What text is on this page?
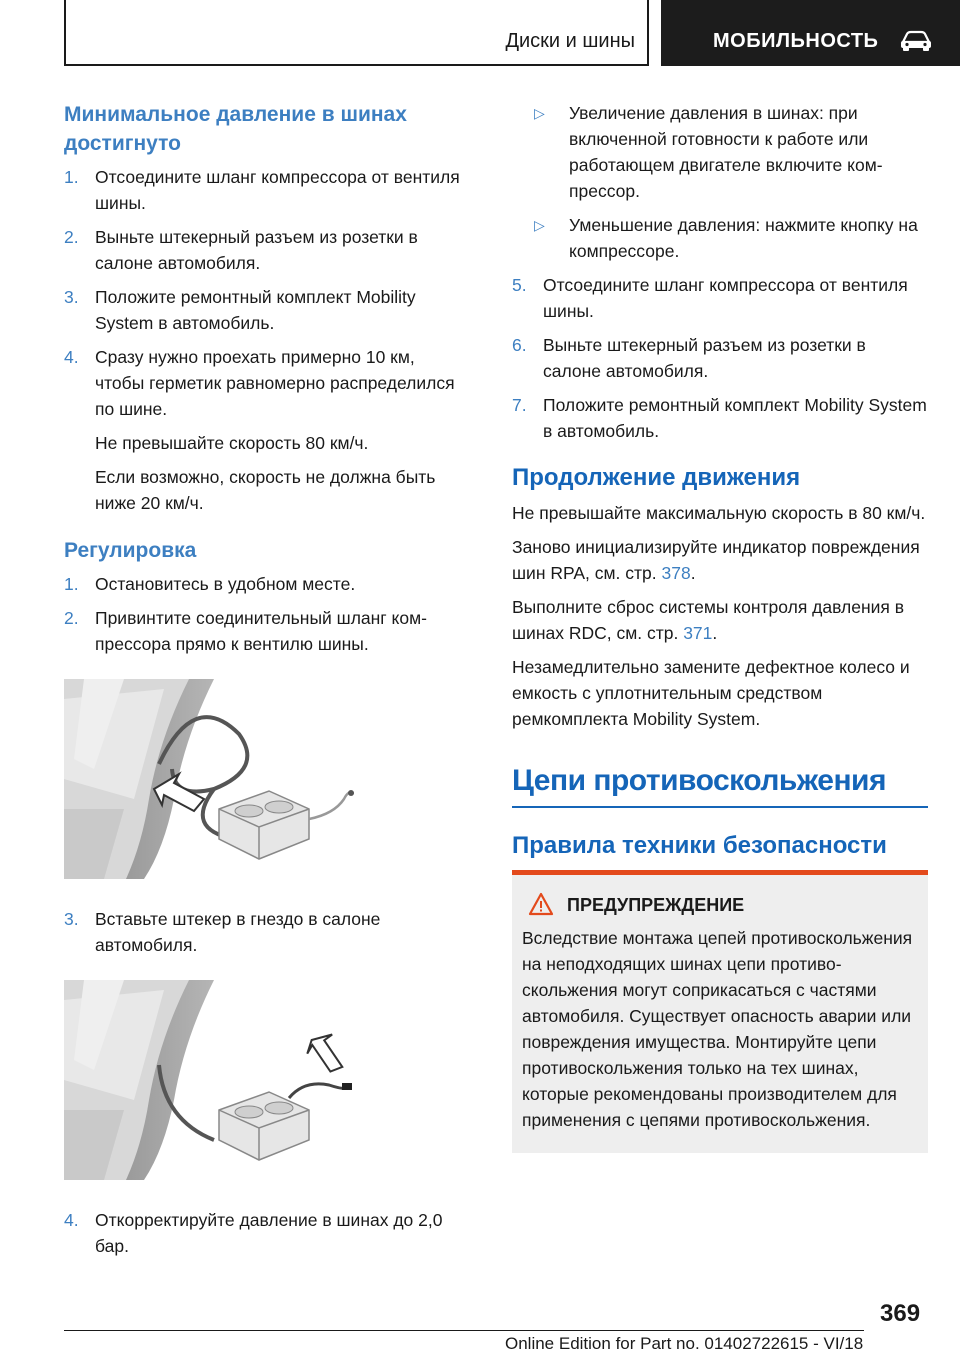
Диски и шины	МОБИЛЬНОСТЬ
Минимальное давление в шинах достигнуто
1. Отсоедините шланг компрессора от вентиля шины.
2. Выньте штекерный разъем из розетки в салоне автомобиля.
3. Положите ремонтный комплект Mobility System в автомобиль.
4. Сразу нужно проехать примерно 10 км, чтобы герметик равномерно распределился по шине.
Не превышайте скорость 80 км/ч.
Если возможно, скорость не должна быть ниже 20 км/ч.
Регулировка
1. Остановитесь в удобном месте.
2. Привинтите соединительный шланг компрессора прямо к вентилю шины.
3. Вставьте штекер в гнездо в салоне автомобиля.
4. Откорректируйте давление в шинах до 2,0 бар.
▷ Увеличение давления в шинах: при включенной готовности к работе или работающем двигателе включите компрессор.
▷ Уменьшение давления: нажмите кнопку на компрессоре.
5. Отсоедините шланг компрессора от вентиля шины.
6. Выньте штекерный разъем из розетки в салоне автомобиля.
7. Положите ремонтный комплект Mobility System в автомобиль.
Продолжение движения
Не превышайте максимальную скорость в 80 км/ч.
Заново инициализируйте индикатор повреждения шин RPA, см. стр. 378.
Выполните сброс системы контроля давления в шинах RDC, см. стр. 371.
Незамедлительно замените дефектное колесо и емкость с уплотнительным средством ремкомплекта Mobility System.
Цепи противоскольжения
Правила техники безопасности
ПРЕДУПРЕЖДЕНИЕ
Вследствие монтажа цепей противоскольжения на неподходящих шинах цепи противоскольжения могут соприкасаться с частями автомобиля. Существует опасность аварии или повреждения имущества. Монтируйте цепи противоскольжения только на тех шинах, которые рекомендованы производителем для применения с цепями противоскольжения.
369
Online Edition for Part no. 01402722615 - VI/18
